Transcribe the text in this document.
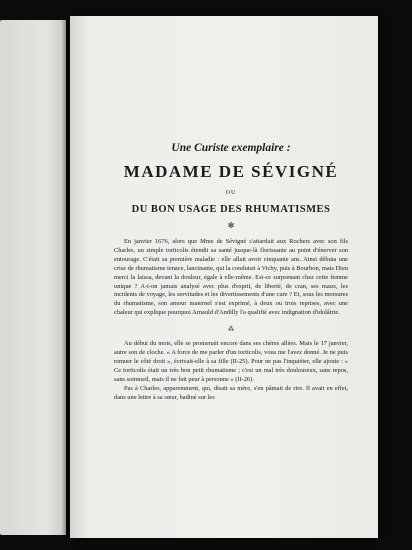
Une Curiste exemplaire :

MADAME DE SÉVIGNÉ

OU

DU BON USAGE DES RHUMATISMES
✻

En janvier 1676, alors que Mme de Sévigné s'attardait aux Rochers avec son fils Charles, un simple torticolis étendit sa santé jusque-là florissante au point d'énerver son entourage. C'était sa première maladie : elle allait avoir cinquante ans. Ainsi débuta une crise de rhumatisme tenace, lancinante, qui la conduisit à Vichy, puis à Bourbon, mais Dieu merci la laissa, devant la douleur, égale à elle-même. Est-ce surprenant chez cette femme unique ? A-t-on jamais analysé avec plus d'esprit, de liberté, de cran, ses maux, les incidents de voyage, les servitudes et les divertissements d'une cure ? Et, sous les morsures du rhumatisme, son amour maternel s'est exprimé, à deux ou trois reprises, avec une chaleur qui explique pourquoi Arnauld d'Andilly l'a qualifié avec indignation d'idolâtrie.

⁂

Au début du mois, elle se promenait encore dans ses chères allées. Mais le 17 janvier, autre son de cloche. « A force de me parler d'un torticolis, vous me l'avez donné. Je ne puis remuer le côté droit », écrivait-elle à sa fille (II-25). Pour ne pas l'inquiéter, elle ajoute : « Ce torticolis était un très bon petit rhumatisme ; c'est un mal très douloureux, sans repos, sans sommeil, mais il ne fait peur à personne » (II-26).

Pas à Charles, apparemment, qui, disait sa mère, s'en pâmait de rire. Il avait en effet, dans une lettre à sa sœur, badiné sur les
